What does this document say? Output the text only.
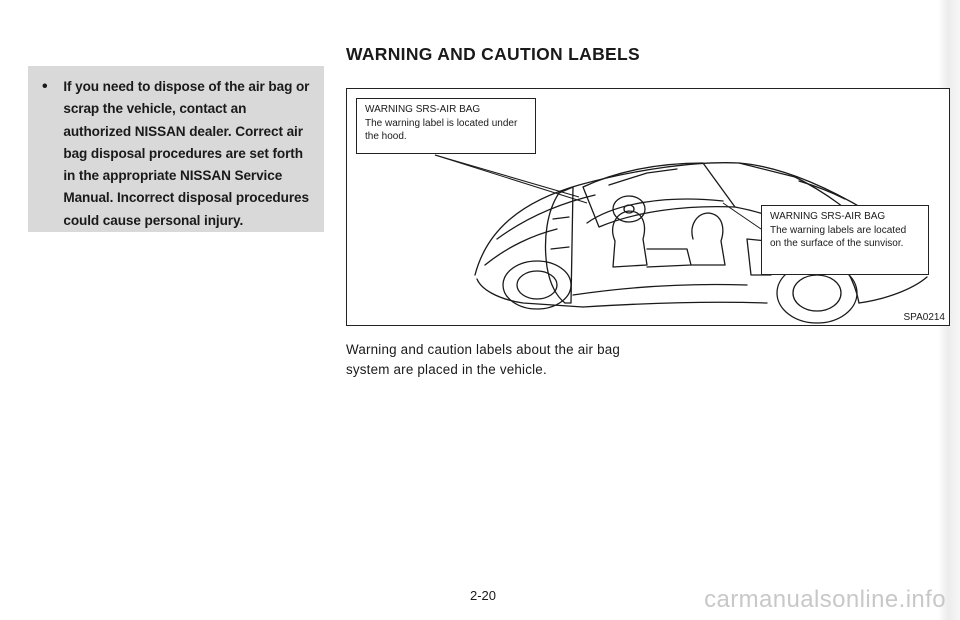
•	If you need to dispose of the air bag or scrap the vehicle, contact an authorized NISSAN dealer. Correct air bag disposal procedures are set forth in the appropriate NISSAN Service Manual. Incorrect disposal procedures could cause personal injury.

WARNING AND CAUTION LABELS

WARNING SRS-AIR BAG

The warning label is located under the hood.

WARNING SRS-AIR BAG

The warning labels are located on the surface of the sunvisor.

SPA0214

Warning and caution labels about the air bag system are placed in the vehicle.

2-20	carmanualsonline.info
